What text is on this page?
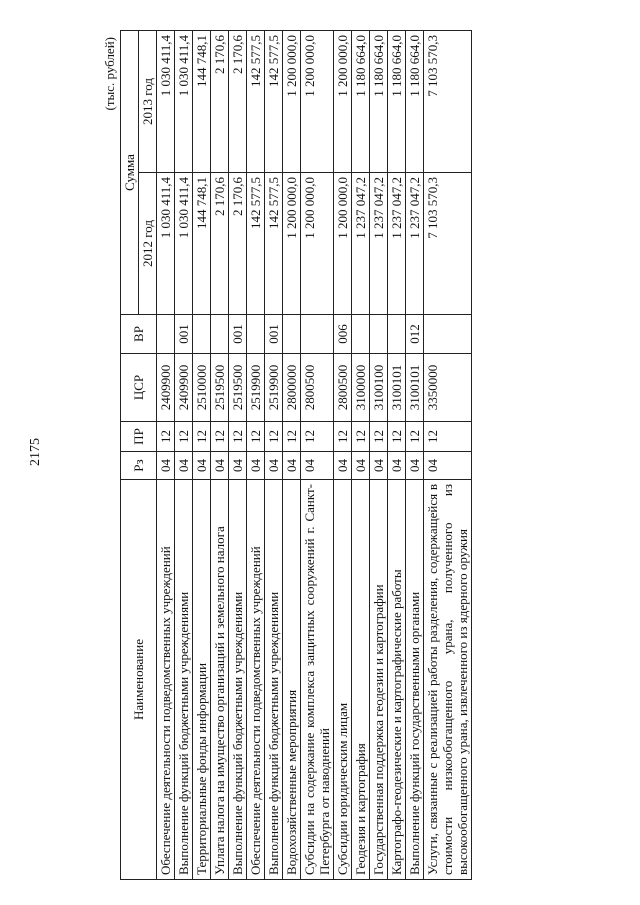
2175
(тыс. рублей)
Наименование	Рз	ПР	ЦСР	ВР	Сумма	
					2012 год	2013 год
Обеспечение деятельности подведомственных учреждений	04	12	2409900		1 030 411,4	1 030 411,4
Выполнение функций бюджетными учреждениями	04	12	2409900	001	1 030 411,4	1 030 411,4
Территориальные фонды информации	04	12	2510000		144 748,1	144 748,1
Уплата налога на имущество организаций и земельного налога	04	12	2519500		2 170,6	2 170,6
Выполнение функций бюджетными учреждениями	04	12	2519500	001	2 170,6	2 170,6
Обеспечение деятельности подведомственных учреждений	04	12	2519900		142 577,5	142 577,5
Выполнение функций бюджетными учреждениями	04	12	2519900	001	142 577,5	142 577,5
Водохозяйственные мероприятия	04	12	2800000		1 200 000,0	1 200 000,0
Субсидии на содержание комплекса защитных сооружений г. Санкт-Петербурга от наводнений	04	12	2800500		1 200 000,0	1 200 000,0
Субсидии юридическим лицам	04	12	2800500	006	1 200 000,0	1 200 000,0
Геодезия и картография	04	12	3100000		1 237 047,2	1 180 664,0
Государственная поддержка геодезии и картографии	04	12	3100100		1 237 047,2	1 180 664,0
Картографо-геодезические и картографические работы	04	12	3100101		1 237 047,2	1 180 664,0
Выполнение функций государственными органами	04	12	3100101	012	1 237 047,2	1 180 664,0
Услуги, связанные с реализацией работы разделения, содержащейся в стоимости низкообогащенного урана, полученного из высокообогащенного урана, извлеченного из ядерного оружия	04	12	3350000		7 103 570,3	7 103 570,3
